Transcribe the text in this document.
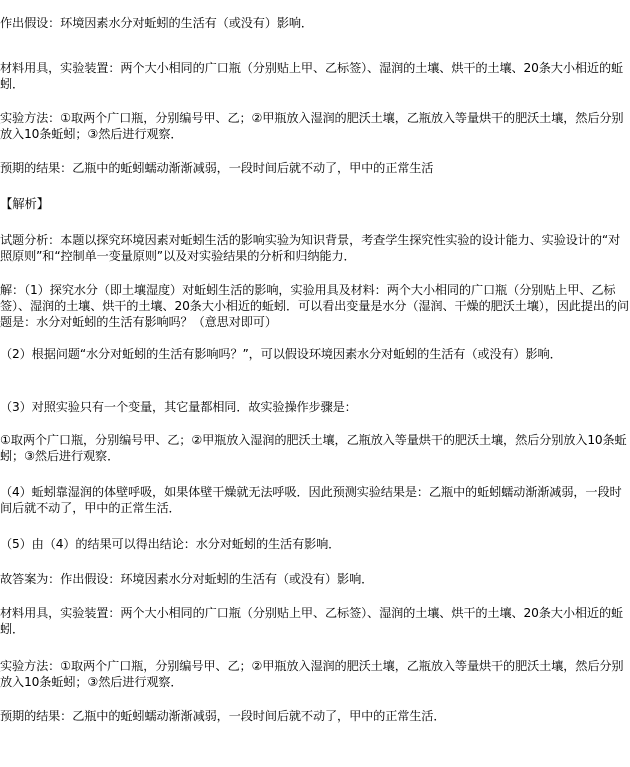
作出假设：环境因素水分对蚯蚓的生活有（或没有）影响．
材料用具，实验装置：两个大小相同的广口瓶（分别贴上甲、乙标签）、湿润的土壤、烘干的土壤、20条大小相近的蚯蚓．
实验方法：①取两个广口瓶，分别编号甲、乙；②甲瓶放入湿润的肥沃土壤，乙瓶放入等量烘干的肥沃土壤，然后分别放入10条蚯蚓；③然后进行观察．
预期的结果：乙瓶中的蚯蚓蠕动渐渐减弱，一段时间后就不动了，甲中的正常生活
【解析】
试题分析：本题以探究环境因素对蚯蚓生活的影响实验为知识背景，考查学生探究性实验的设计能力、实验设计的“对照原则”和“控制单一变量原则”以及对实验结果的分析和归纳能力．
解：（1）探究水分（即土壤湿度）对蚯蚓生活的影响，实验用具及材料：两个大小相同的广口瓶（分别贴上甲、乙标签）、湿润的土壤、烘干的土壤、20条大小相近的蚯蚓．可以看出变量是水分（湿润、干燥的肥沃土壤），因此提出的问题是：水分对蚯蚓的生活有影响吗？（意思对即可）
（2）根据问题“水分对蚯蚓的生活有影响吗？”，可以假设环境因素水分对蚯蚓的生活有（或没有）影响．
（3）对照实验只有一个变量，其它量都相同．故实验操作步骤是：
①取两个广口瓶，分别编号甲、乙；②甲瓶放入湿润的肥沃土壤，乙瓶放入等量烘干的肥沃土壤，然后分别放入10条蚯蚓；③然后进行观察．
（4）蚯蚓靠湿润的体壁呼吸，如果体壁干燥就无法呼吸．因此预测实验结果是：乙瓶中的蚯蚓蠕动渐渐减弱，一段时间后就不动了，甲中的正常生活．
（5）由（4）的结果可以得出结论：水分对蚯蚓的生活有影响．
故答案为：作出假设：环境因素水分对蚯蚓的生活有（或没有）影响．
材料用具，实验装置：两个大小相同的广口瓶（分别贴上甲、乙标签）、湿润的土壤、烘干的土壤、20条大小相近的蚯蚓．
实验方法：①取两个广口瓶，分别编号甲、乙；②甲瓶放入湿润的肥沃土壤，乙瓶放入等量烘干的肥沃土壤，然后分别放入10条蚯蚓；③然后进行观察．
预期的结果：乙瓶中的蚯蚓蠕动渐渐减弱，一段时间后就不动了，甲中的正常生活．
